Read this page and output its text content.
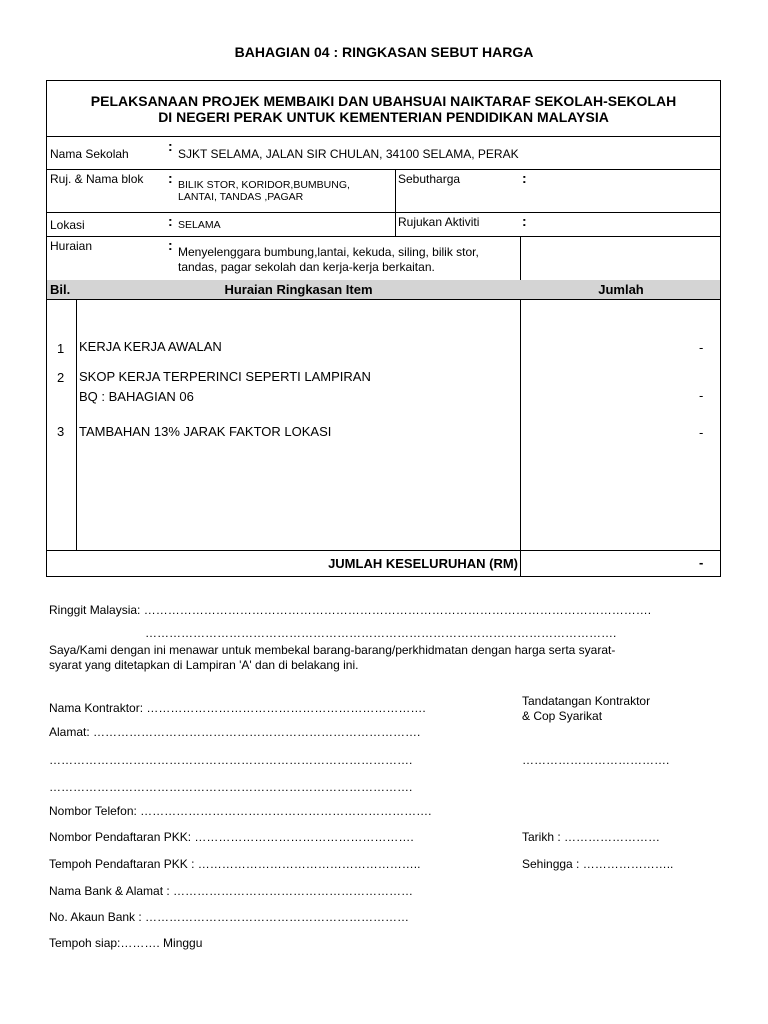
BAHAGIAN 04 : RINGKASAN SEBUT HARGA
PELAKSANAAN PROJEK MEMBAIKI DAN UBAHSUAI NAIKTARAF SEKOLAH-SEKOLAH
DI NEGERI PERAK UNTUK KEMENTERIAN PENDIDIKAN MALAYSIA
Nama Sekolah	: SJKT SELAMA, JALAN SIR CHULAN, 34100 SELAMA, PERAK
Ruj. & Nama blok : BILIK STOR, KORIDOR,BUMBUNG,
LANTAI, TANDAS ,PAGAR
Sebutharga	:
Lokasi	: SELAMA	Rujukan Aktiviti	:
Huraian	: Menyelenggara bumbung,lantai, kekuda, siling, bilik stor,
tandas, pagar sekolah dan kerja-kerja berkaitan.
Bil.	Huraian Ringkasan Item	Jumlah
1 KERJA KERJA AWALAN	-
2 SKOP KERJA TERPERINCI SEPERTI LAMPIRAN
BQ : BAHAGIAN 06	-
3 TAMBAHAN 13% JARAK FAKTOR LOKASI	-
JUMLAH KESELURUHAN (RM)	-
Ringgit Malaysia: ……………………………………………………………………………………………………………….
……………………………………………………………………………………………………….
Saya/Kami dengan ini menawar untuk membekal barang-barang/perkhidmatan dengan harga serta syarat-
syarat yang ditetapkan di Lampiran 'A' dan di belakang ini.
Nama Kontraktor: …………………………………………………………….
Alamat: ……………………………………………………………………….
……………………………………………………………………………….
……………………………………………………………………………….
Nombor Telefon: ……………………………………………………………….
Nombor Pendaftaran PKK: ……………………………………………….
Tempoh Pendaftaran PKK : ………………………………………………..
Nama Bank & Alamat : ……………………………………………………
No. Akaun Bank : …………………………………………………………
Tempoh siap:………. Minggu
Tandatangan Kontraktor
& Cop Syarikat
……………………………….
Tarikh : ……………………
Sehingga : …………………..
